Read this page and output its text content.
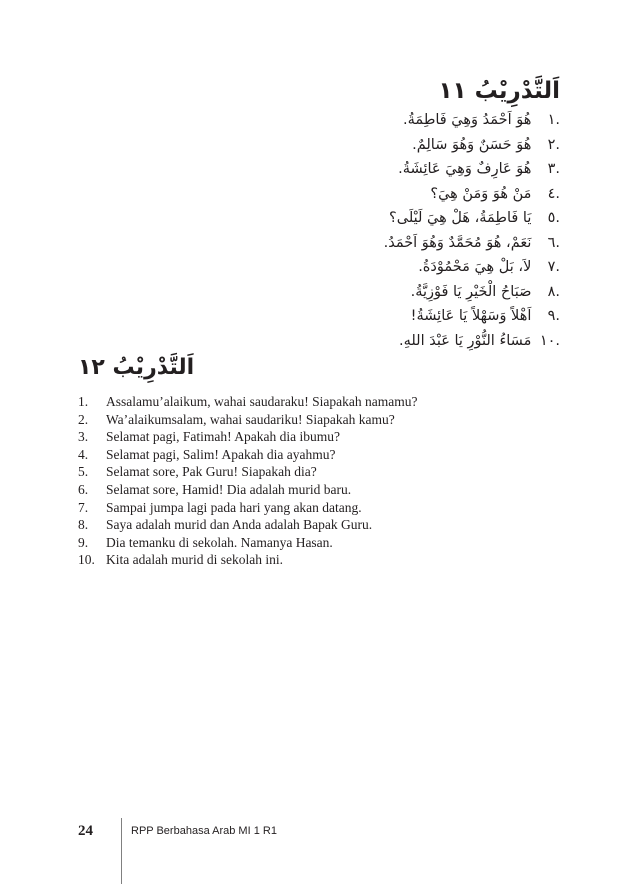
اَلتَّدْرِيْبُ ١١
.١ هُوَ اَحْمَدُ وَهِيَ فَاطِمَةُ.
.٢ هُوَ حَسَنٌ وَهُوَ سَالِمٌ.
.٣ هُوَ عَارِفٌ وَهِيَ عَائِشَةُ.
.٤ مَنْ هُوَ وَمَنْ هِيَ؟
.٥ يَا فَاطِمَةُ، هَلْ هِيَ لَيْلَى؟
.٦ نَعَمْ، هُوَ مُحَمَّدٌ وَهُوَ اَحْمَدُ.
.٧ لاَ، بَلْ هِيَ مَحْمُوْدَةُ.
.٨ صَبَاحُ الْخَيْرِ يَا فَوْزِيَّةُ.
.٩ اَهْلاً وَسَهْلاً يَا عَائِشَةُ!
.١٠ مَسَاءُ النُّوْرِ يَا عَبْدَ اللهِ.
اَلتَّدْرِيْبُ ١٢
1. Assalamu’alaikum, wahai saudaraku! Siapakah namamu?
2. Wa’alaikumsalam, wahai saudariku! Siapakah kamu?
3. Selamat pagi, Fatimah! Apakah dia ibumu?
4. Selamat pagi, Salim! Apakah dia ayahmu?
5. Selamat sore, Pak Guru! Siapakah dia?
6. Selamat sore, Hamid! Dia adalah murid baru.
7. Sampai jumpa lagi pada hari yang akan datang.
8. Saya adalah murid dan Anda adalah Bapak Guru.
9. Dia temanku di sekolah. Namanya Hasan.
10. Kita adalah murid di sekolah ini.
24	RPP Berbahasa Arab MI 1 R1
